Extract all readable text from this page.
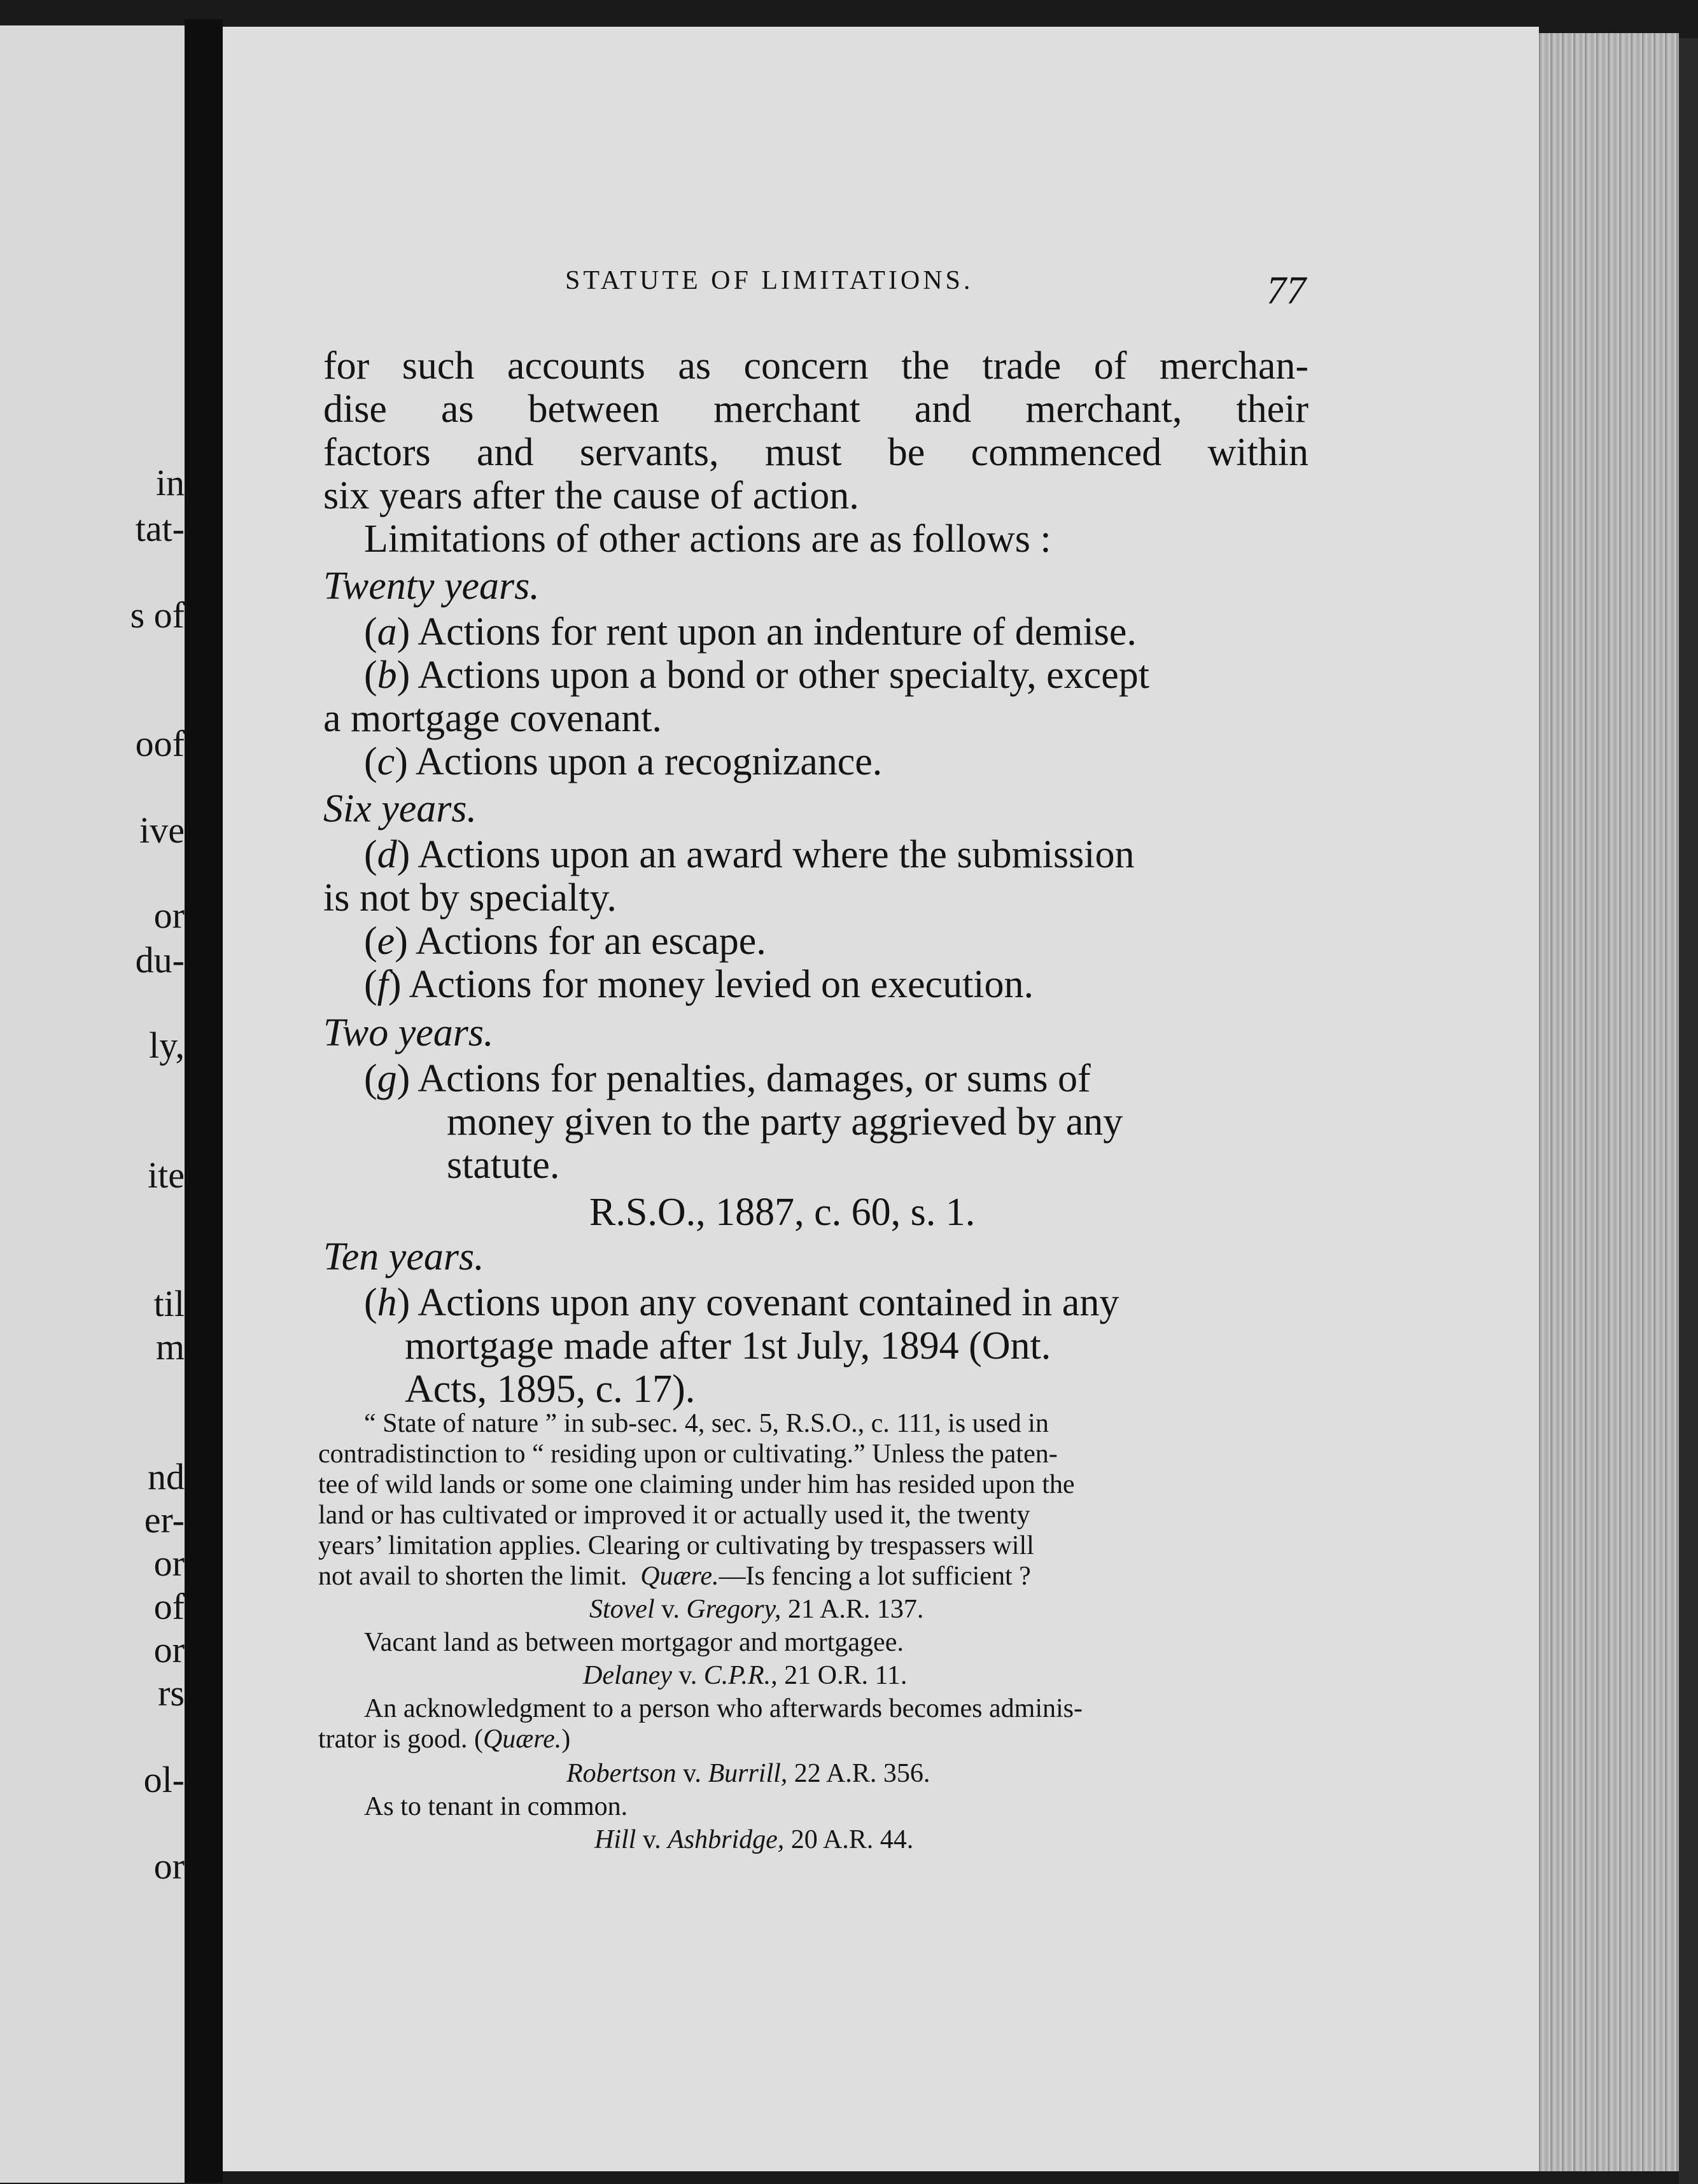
in
tat-
s of
oof
ive
or
du-
ly,
ite
til
m
nd
er-
or
of
or
rs
ol-
or
STATUTE OF LIMITATIONS.	77
for such accounts as concern the trade of merchan-
dise as between merchant and merchant, their
factors and servants, must be commenced within
six years after the cause of action.
Limitations of other actions are as follows :
Twenty years.
(a) Actions for rent upon an indenture of demise.
(b) Actions upon a bond or other specialty, except
a mortgage covenant.
(c) Actions upon a recognizance.
Six years.
(d) Actions upon an award where the submission
is not by specialty.
(e) Actions for an escape.
(f) Actions for money levied on execution.
Two years.
(g) Actions for penalties, damages, or sums of
money given to the party aggrieved by any
statute.
R.S.O., 1887, c. 60, s. 1.
Ten years.
(h) Actions upon any covenant contained in any
mortgage made after 1st July, 1894 (Ont.
Acts, 1895, c. 17).
“ State of nature ” in sub-sec. 4, sec. 5, R.S.O., c. 111, is used in
contradistinction to “ residing upon or cultivating.” Unless the paten-
tee of wild lands or some one claiming under him has resided upon the
land or has cultivated or improved it or actually used it, the twenty
years’ limitation applies. Clearing or cultivating by trespassers will
not avail to shorten the limit. Quære.—Is fencing a lot sufficient ?
Stovel v. Gregory, 21 A.R. 137.
Vacant land as between mortgagor and mortgagee.
Delaney v. C.P.R., 21 O.R. 11.
An acknowledgment to a person who afterwards becomes adminis-
trator is good. (Quære.)
Robertson v. Burrill, 22 A.R. 356.
As to tenant in common.
Hill v. Ashbridge, 20 A.R. 44.
